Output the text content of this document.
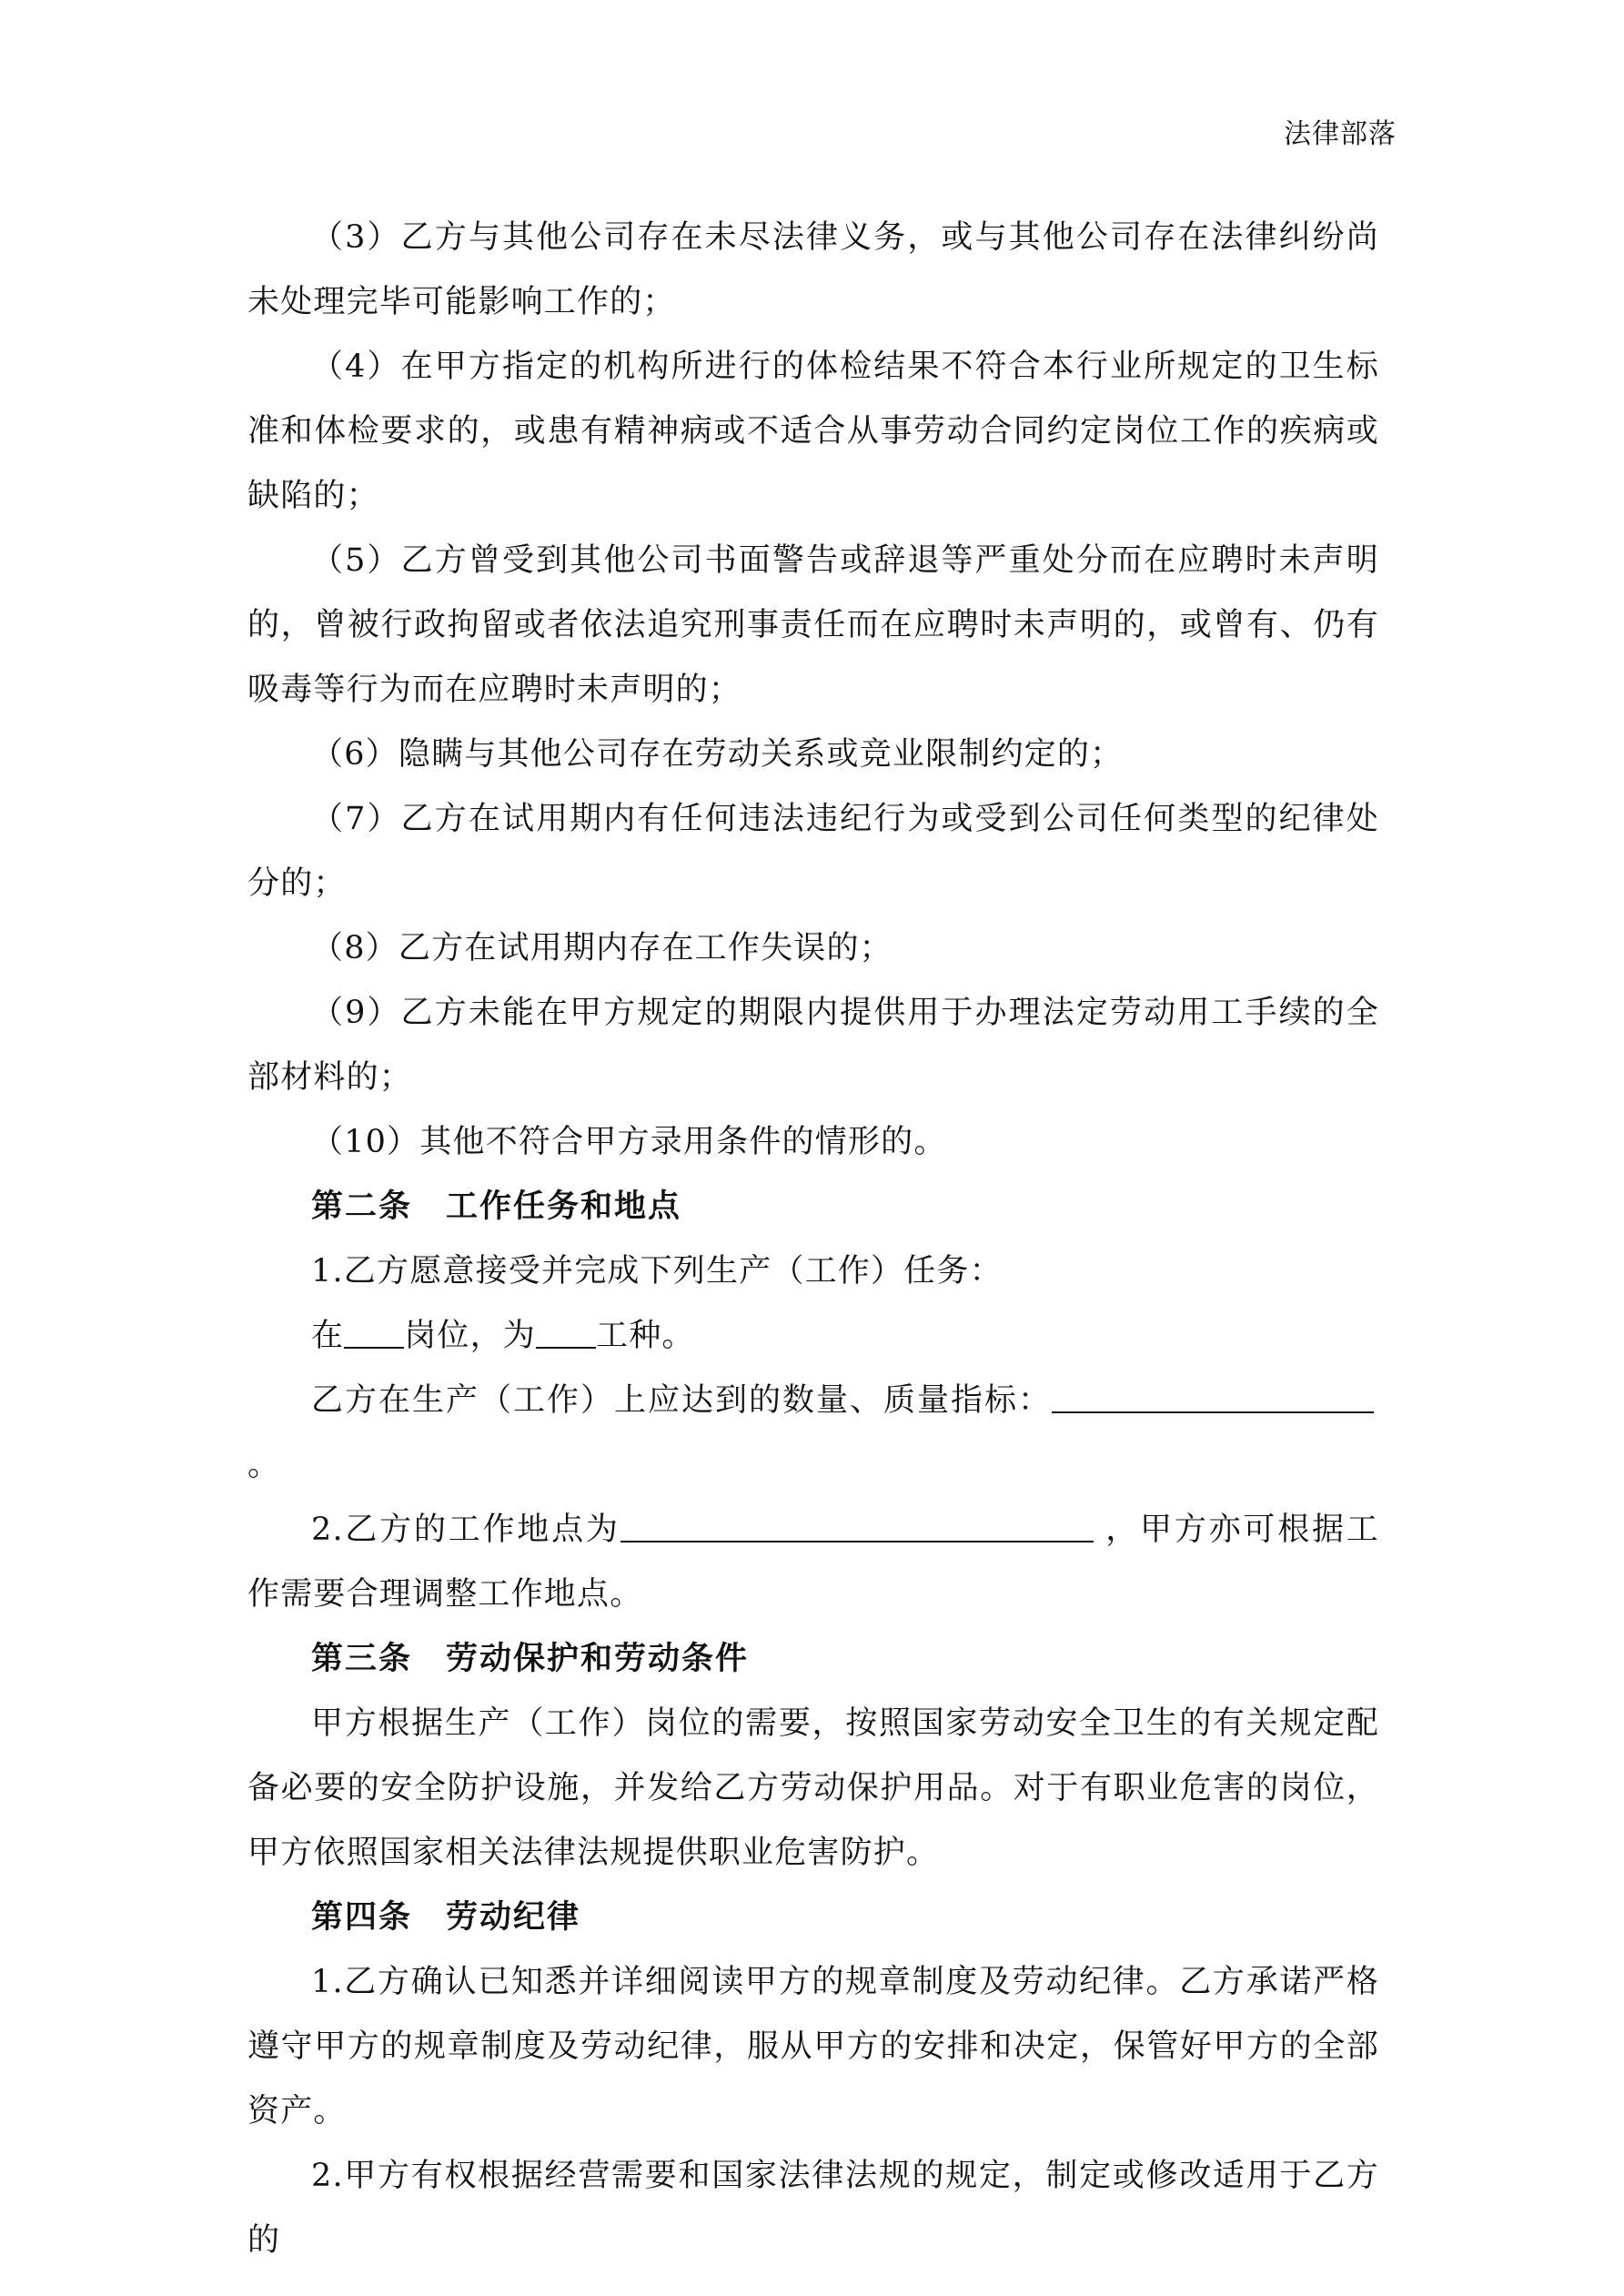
法律部落

（3）乙方与其他公司存在未尽法律义务，或与其他公司存在法律纠纷尚未处理完毕可能影响工作的；

（4）在甲方指定的机构所进行的体检结果不符合本行业所规定的卫生标准和体检要求的，或患有精神病或不适合从事劳动合同约定岗位工作的疾病或缺陷的；

（5）乙方曾受到其他公司书面警告或辞退等严重处分而在应聘时未声明的，曾被行政拘留或者依法追究刑事责任而在应聘时未声明的，或曾有、仍有吸毒等行为而在应聘时未声明的；

（6）隐瞒与其他公司存在劳动关系或竞业限制约定的；

（7）乙方在试用期内有任何违法违纪行为或受到公司任何类型的纪律处分的；

（8）乙方在试用期内存在工作失误的；

（9）乙方未能在甲方规定的期限内提供用于办理法定劳动用工手续的全部材料的；

（10）其他不符合甲方录用条件的情形的。

第二条　工作任务和地点

1.乙方愿意接受并完成下列生产（工作）任务：

在 岗位，为 工种。

乙方在生产（工作）上应达到的数量、质量指标：。

2.乙方的工作地点为	，甲方亦可根据工作需要合理调整工作地点。

第三条　劳动保护和劳动条件

甲方根据生产（工作）岗位的需要，按照国家劳动安全卫生的有关规定配备必要的安全防护设施，并发给乙方劳动保护用品。对于有职业危害的岗位，甲方依照国家相关法律法规提供职业危害防护。

第四条　劳动纪律

1.乙方确认已知悉并详细阅读甲方的规章制度及劳动纪律。乙方承诺严格遵守甲方的规章制度及劳动纪律，服从甲方的安排和决定，保管好甲方的全部资产。

2.甲方有权根据经营需要和国家法律法规的规定，制定或修改适用于乙方的
